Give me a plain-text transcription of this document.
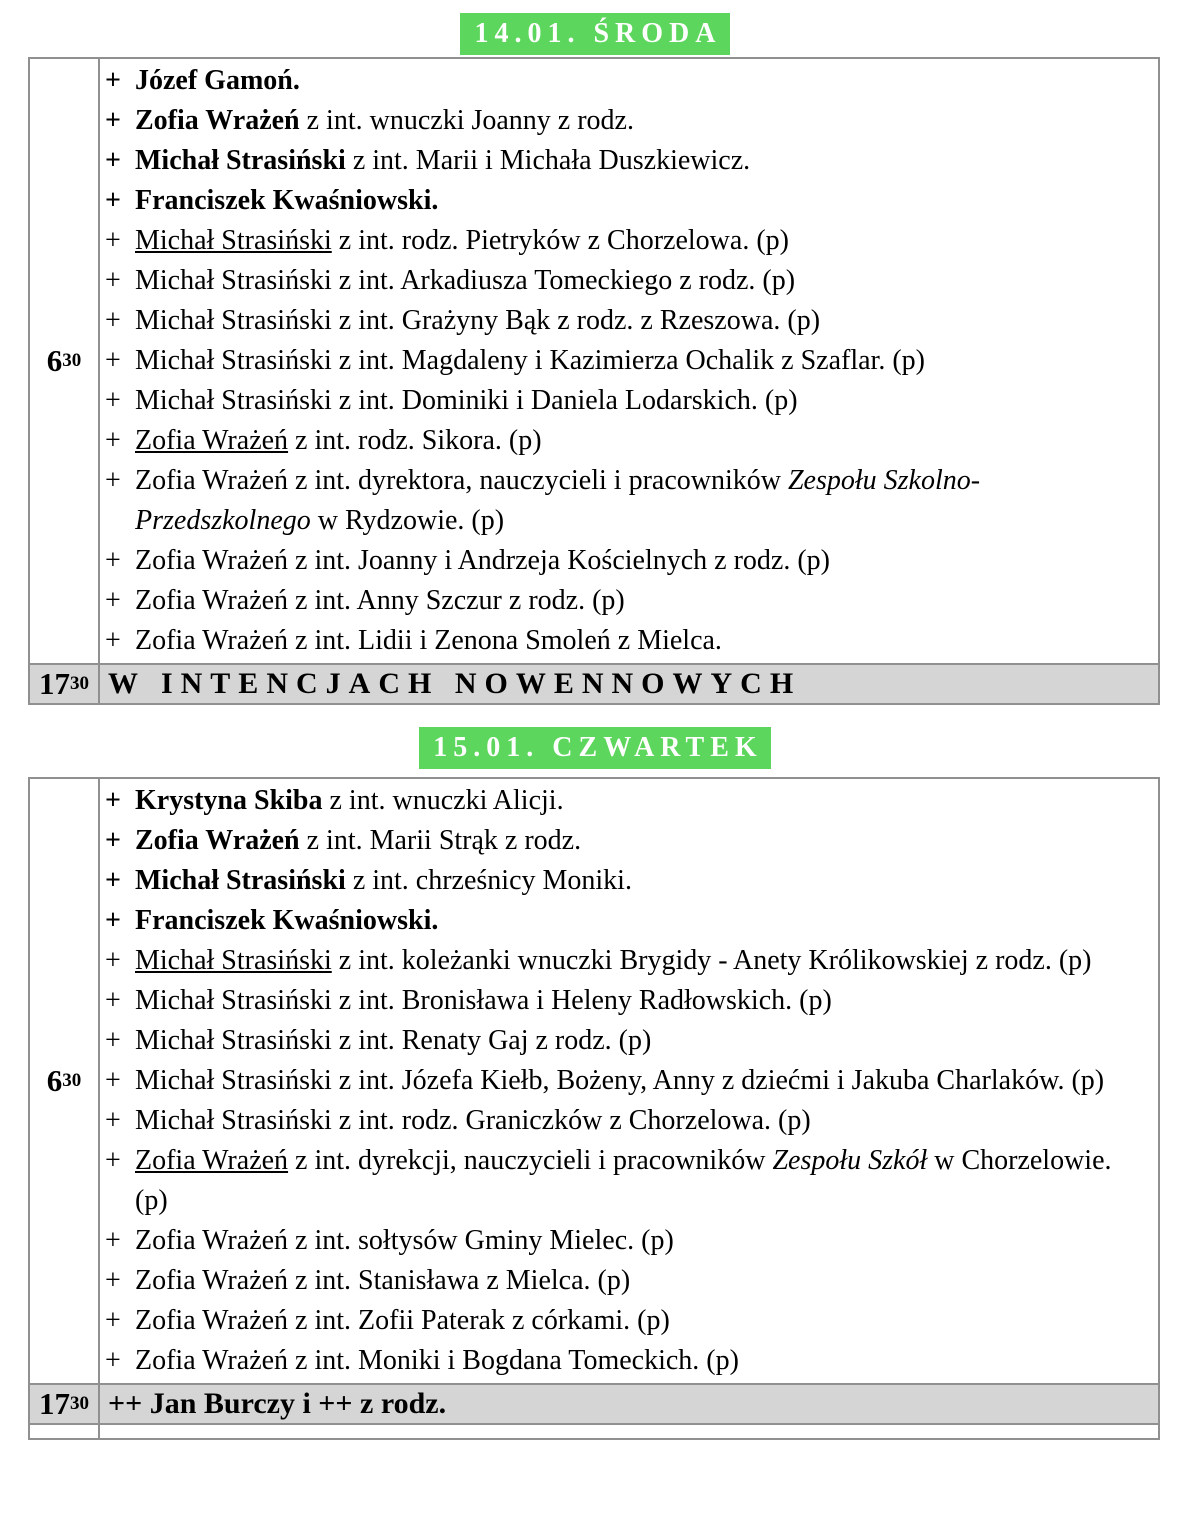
14.01. ŚRODA
6 30
+ Józef Gamoń.
+ Zofia Wrażeń z int. wnuczki Joanny z rodz.
+ Michał Strasiński z int. Marii i Michała Duszkiewicz.
+ Franciszek Kwaśniowski.
+ Michał Strasiński z int. rodz. Pietryków z Chorzelowa. (p)
+ Michał Strasiński z int. Arkadiusza Tomeckiego z rodz. (p)
+ Michał Strasiński z int. Grażyny Bąk z rodz. z Rzeszowa. (p)
+ Michał Strasiński z int. Magdaleny i Kazimierza Ochalik z Szaflar. (p)
+ Michał Strasiński z int. Dominiki i Daniela Lodarskich. (p)
+ Zofia Wrażeń z int. rodz. Sikora. (p)
+ Zofia Wrażeń z int. dyrektora, nauczycieli i pracowników Zespołu Szkolno-Przedszkolnego w Rydzowie. (p)
+ Zofia Wrażeń z int. Joanny i Andrzeja Kościelnych z rodz. (p)
+ Zofia Wrażeń z int. Anny Szczur z rodz. (p)
+ Zofia Wrażeń z int. Lidii i Zenona Smoleń z Mielca.
17 30 W INTENCJACH NOWENNOWYCH
15.01. CZWARTEK
6 30
+ Krystyna Skiba z int. wnuczki Alicji.
+ Zofia Wrażeń z int. Marii Strąk z rodz.
+ Michał Strasiński z int. chrześnicy Moniki.
+ Franciszek Kwaśniowski.
+ Michał Strasiński z int. koleżanki wnuczki Brygidy - Anety Królikowskiej z rodz. (p)
+ Michał Strasiński z int. Bronisława i Heleny Radłowskich. (p)
+ Michał Strasiński z int. Renaty Gaj z rodz. (p)
+ Michał Strasiński z int. Józefa Kiełb, Bożeny, Anny z dziećmi i Jakuba Charlaków. (p)
+ Michał Strasiński z int. rodz. Graniczków z Chorzelowa. (p)
+ Zofia Wrażeń z int. dyrekcji, nauczycieli i pracowników Zespołu Szkół w Chorzelowie. (p)
+ Zofia Wrażeń z int. sołtysów Gminy Mielec. (p)
+ Zofia Wrażeń z int. Stanisława z Mielca. (p)
+ Zofia Wrażeń z int. Zofii Paterak z córkami. (p)
+ Zofia Wrażeń z int. Moniki i Bogdana Tomeckich. (p)
17 30 ++ Jan Burczy i ++ z rodz.
